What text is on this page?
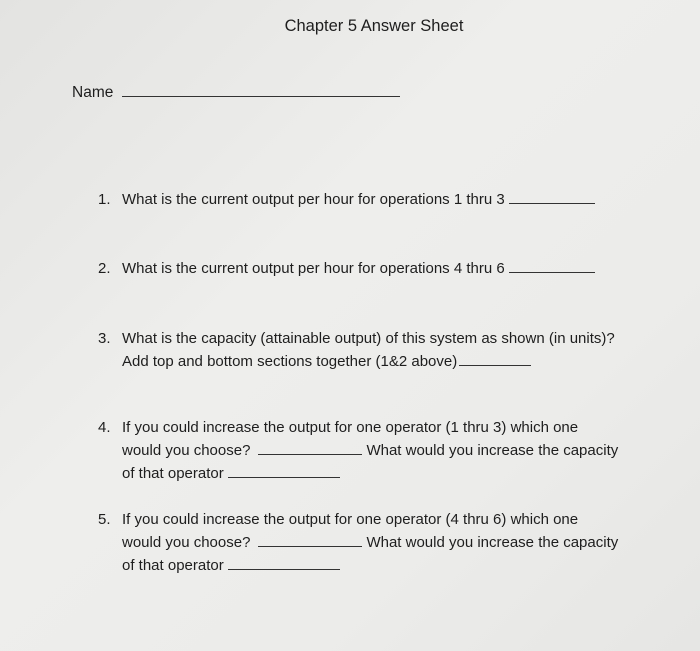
Chapter 5 Answer Sheet
Name
1. What is the current output per hour for operations 1 thru 3
2. What is the current output per hour for operations 4 thru 6
3. What is the capacity (attainable output) of this system as shown (in units)?
Add top and bottom sections together (1&2 above)
4. If you could increase the output for one operator (1 thru 3) which one
would you choose?	What would you increase the capacity
of that operator
5. If you could increase the output for one operator (4 thru 6) which one
would you choose?	What would you increase the capacity
of that operator
